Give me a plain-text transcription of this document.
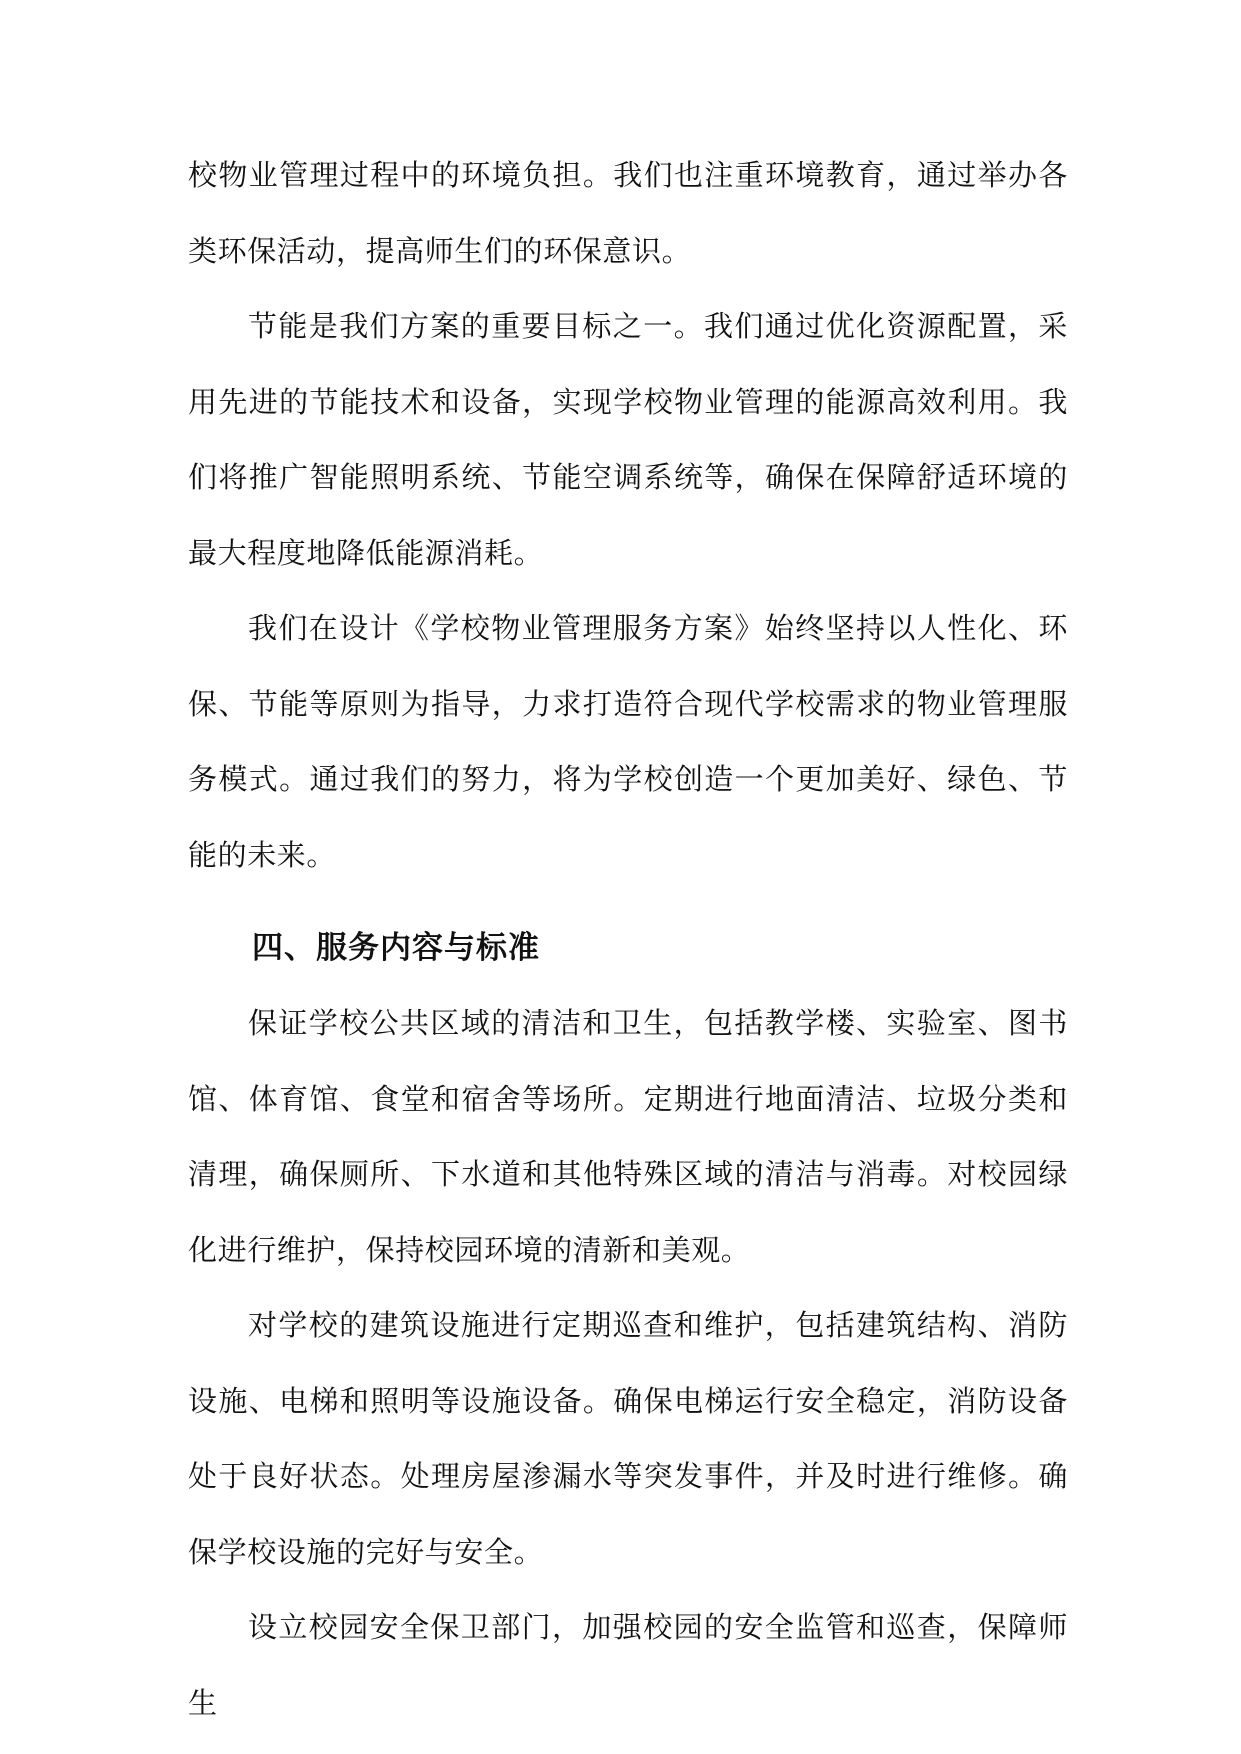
校物业管理过程中的环境负担。我们也注重环境教育，通过举办各类环保活动，提高师生们的环保意识。

节能是我们方案的重要目标之一。我们通过优化资源配置，采用先进的节能技术和设备，实现学校物业管理的能源高效利用。我们将推广智能照明系统、节能空调系统等，确保在保障舒适环境的最大程度地降低能源消耗。

我们在设计《学校物业管理服务方案》始终坚持以人性化、环保、节能等原则为指导，力求打造符合现代学校需求的物业管理服务模式。通过我们的努力，将为学校创造一个更加美好、绿色、节能的未来。

四、服务内容与标准

保证学校公共区域的清洁和卫生，包括教学楼、实验室、图书馆、体育馆、食堂和宿舍等场所。定期进行地面清洁、垃圾分类和清理，确保厕所、下水道和其他特殊区域的清洁与消毒。对校园绿化进行维护，保持校园环境的清新和美观。

对学校的建筑设施进行定期巡查和维护，包括建筑结构、消防设施、电梯和照明等设施设备。确保电梯运行安全稳定，消防设备处于良好状态。处理房屋渗漏水等突发事件，并及时进行维修。确保学校设施的完好与安全。

设立校园安全保卫部门，加强校园的安全监管和巡查，保障师生
